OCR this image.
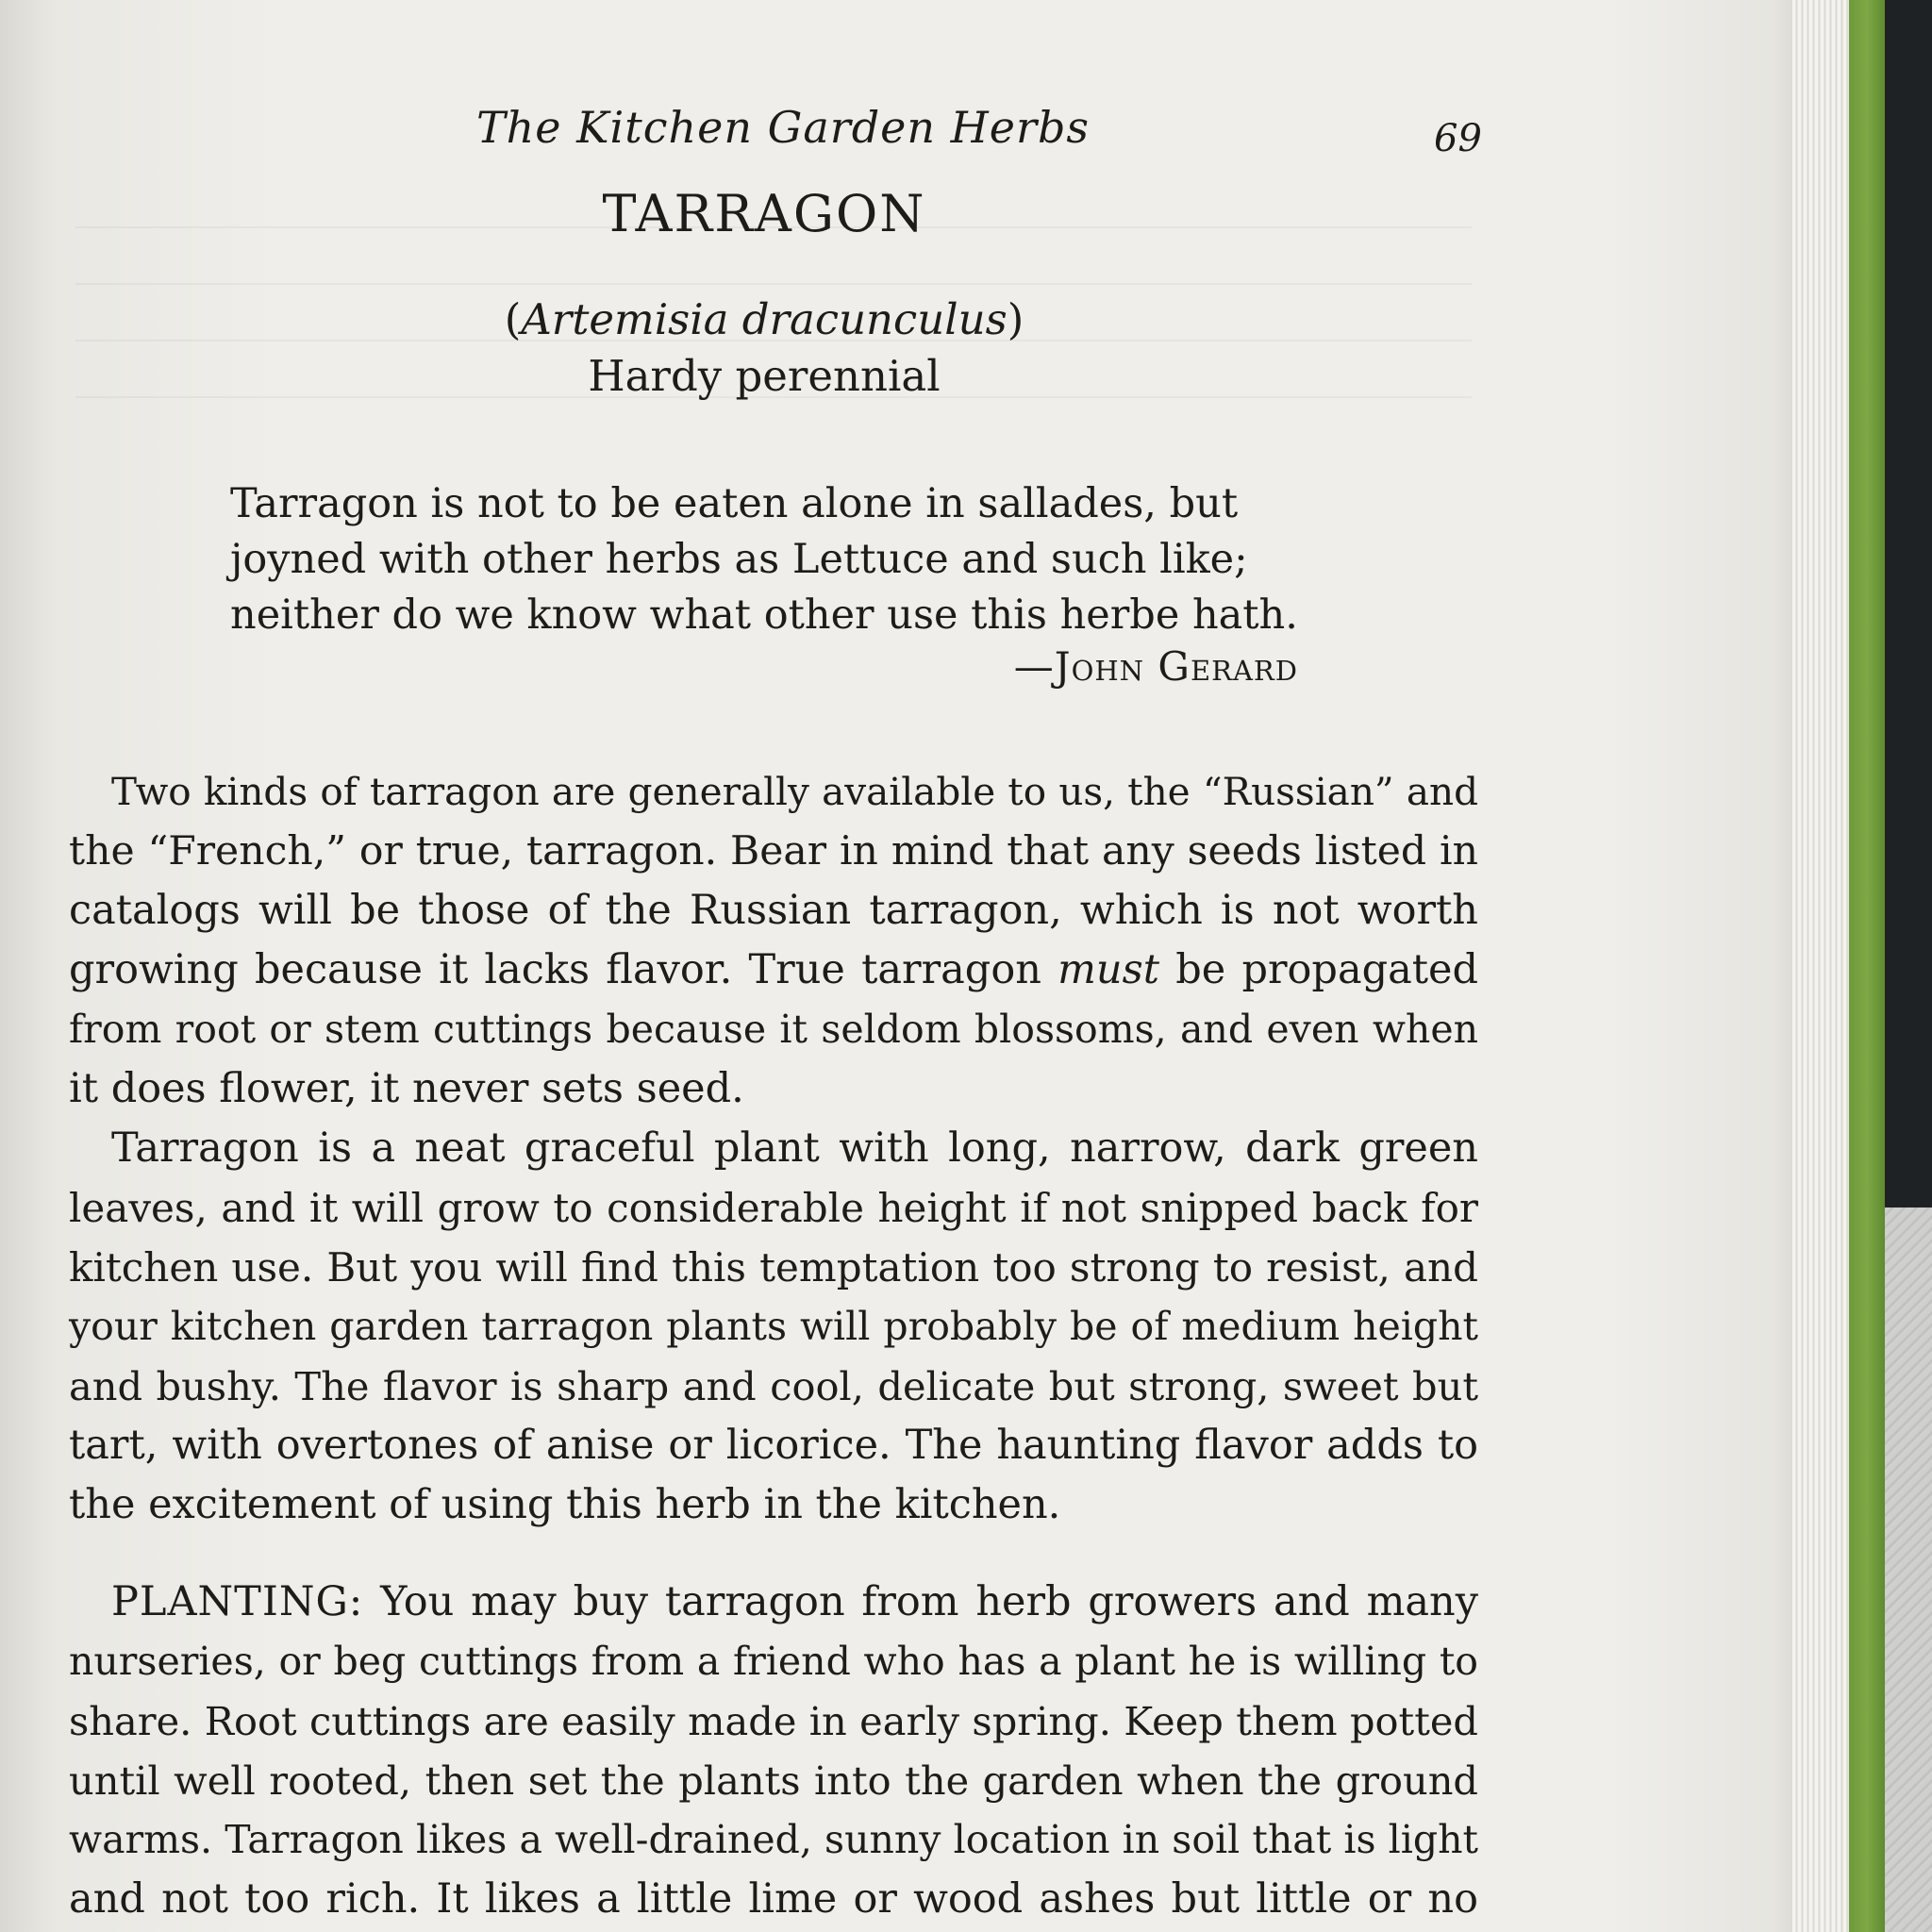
The Kitchen Garden Herbs	69
TARRAGON
(Artemisia dracunculus)
Hardy perennial
Tarragon is not to be eaten alone in sallades, but
joyned with other herbs as Lettuce and such like;
neither do we know what other use this herbe hath.
—John Gerard
Two kinds of tarragon are generally available to us, the “Russian” and
the “French,” or true, tarragon. Bear in mind that any seeds listed in
catalogs will be those of the Russian tarragon, which is not worth
growing because it lacks flavor. True tarragon must be propagated
from root or stem cuttings because it seldom blossoms, and even when
it does flower, it never sets seed.
Tarragon is a neat graceful plant with long, narrow, dark green
leaves, and it will grow to considerable height if not snipped back for
kitchen use. But you will find this temptation too strong to resist, and
your kitchen garden tarragon plants will probably be of medium height
and bushy. The flavor is sharp and cool, delicate but strong, sweet but
tart, with overtones of anise or licorice. The haunting flavor adds to
the excitement of using this herb in the kitchen.
PLANTING: You may buy tarragon from herb growers and many
nurseries, or beg cuttings from a friend who has a plant he is willing to
share. Root cuttings are easily made in early spring. Keep them potted
until well rooted, then set the plants into the garden when the ground
warms. Tarragon likes a well-drained, sunny location in soil that is light
and not too rich. It likes a little lime or wood ashes but little or no
